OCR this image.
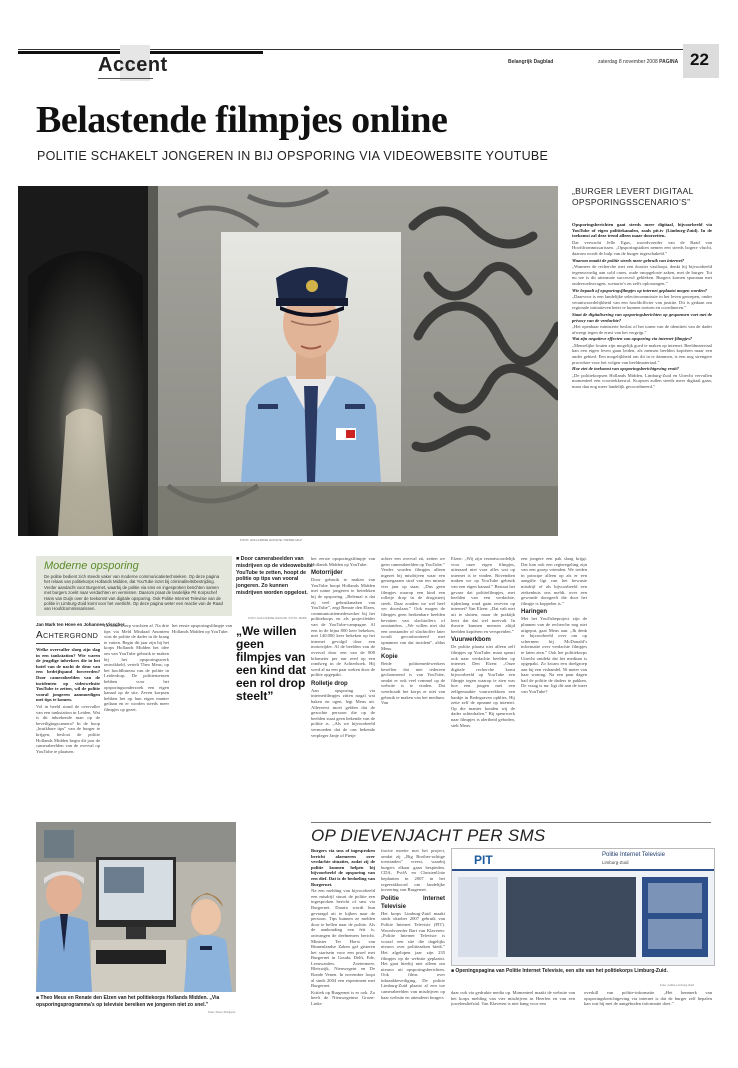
Accent	Belangrijk Dagblad	zaterdag 8 november 2008 PAGINA 22
Belastende filmpjes online
POLITIE SCHAKELT JONGEREN IN BIJ OPSPORING VIA VIDEOWEBSITE YOUTUBE
FOTO: HOLLANDSE HOOGTE / PETER HILZ
„BURGER LEVERT DIGITAAL OPSPORINGSSCENARIO’S”

Opsporingsberichten gaat steeds meer digitaal, bijvoorbeeld via YouTube of eigen politiekanalen, zoals pit.tv (Limburg-Zuid). In de toekomst zal deze trend alleen maar doorzetten.

Dat verwacht Jelle Egas, woordvoerder van de Raad van Hoofdcommissarissen. „Opsporingstaken nemen een steeds hogere vlucht, daarom wordt de hulp van de burger ingeschakeld.”

Waarom maakt de politie steeds meer gebruik van internet?

„Wanneer de recherche met een dossier vastloopt, denkt hij bijvoorbeeld tegenwoordig aan cold cases, oude onopgeloste zaken, met de burger. Tot nu toe is dit uitermate succesvol gebleken. Burgers komen spontaan met onderzoeksvragen, scenario’s en zelfs oplossingen.”

Wie bepaalt of opsporingsfilmpjes op internet geplaatst mogen worden?

„Daarvoor is een landelijke selectiecommissie in het leven geroepen, onder verantwoordelijkheid van een hoofdofficier van justitie. Dit is gedaan om regionale initiatieven beter te kunnen toetsen en coordineren.”

Staat de digitalisering van opsporingsberichten op gespannen voet met de privacy van de verdachte?

„Het openbaar ministerie beslist of het tonen van de identiteit van de dader afweegt tegen de ernst van het vergrijp.”

Wat zijn negatieve effecten van opsporing via internet-filmpjes?

„Menselijke fouten zijn mogelijk goed te maken op internet. Beeldmateriaal kan een eigen leven gaan leiden, als mensen beelden kopiëren maar een ander gebied. Een mogelijkheid om dit in te dammen, is een nog strengere procedure voor het volgen van beeldmateriaal.”

Hoe ziet de toekomst van opsporingsberichtgeving eruit?

„De politiekorpsen Hollands Midden, Limburg-Zuid en Utrecht vervullen momenteel een voortrekkersrol. Korpsen zullen steeds meer digitaal gaan, maar dan nog meer landelijk gecoordineerd.”

Moderne opsporing
De politie bedient zich steeds vaker van moderne communicatietechnieken. Op deze pagina het relaas van politiekorps Hollands Midden, dat YouTube inzet bij criminaliteitsbestrijding. Verder aandacht voor Burgernet, waarbij de politie via sms en ingesproken berichten samen met burgers zoekt naar verdachten en vermisten. Daarom praat de landelijke Pit Korpschef Hans van Duijn over de toekomst van digitale opsporing. Ook Politie Internet Televisie van de politie in Limburg-Zuid komt voor het voetlicht. Op deze pagina weter een reactie van de Raad van Hoofdcommissarissen.
■ Door camerabeelden van misdrijven op de videowebsite YouTube te zetten, hoopt de politie op tips van vooral jongeren. Zo kunnen misdrijven worden opgelost.
FOTO: HOLLANDSE HOOGTE / FOTO: MARK
Jan Mark ten Hove en Johannes Visscher
Achtergrond

Welke overvaller sloeg zijn slag in een tankstation? Wie waren de jeugdige inbrekers die in het hotel van de nacht de deur van een bedrijfspand forceerden? Door camerabeelden van de incidenten op videowebsite YouTube te zetten, wil de politie vooral jongeren aanmoedigen met tips te komen.

Vol in beeld stond de overvaller van een tankstation in Leiden. Wat is dit inbrekende man op de beveiligingscamera? In de hoop „bruikbare tips” van de burger te krijgen, besloot de politie Hollands Midden begin dit jaar de camerabeelden van de overval op YouTube te plaatsen.

De actie wierp vruchten af. Na drie tips via Meld Misdaad Anoniem wist de politie de dader in de kraag te vatten. Begin dit jaar zijn bij het korps Hollands Midden het idee om van YouTube gebruik te maken bij het opsporingswerk ontwikkeld, vertelt Theo Meus, op het hoofdbureau van de politie in Leiderdorp. De politiemensen hebben voor het opsporingsonderzoek een eigen kanaal op de site. Zeven korpsen hebben het op hun eigen manier gedaan en er worden steeds meer filmpjes op gezet.

„We willen geen filmpjes van een kind dat een rol drop steelt”

het eerste opsporingsfilmpje van Hollands Midden op YouTube.

het eerste opsporingsfilmpje van Hollands Midden op YouTube.

Motorrijder

Door gebruik te maken van YouTube hoopt Hollands Midden met name jongeren te betrekken bij de opsporing. „Belemal is dat zij veel gebruikmaken van YouTube”, zegt Renate den Elzen, communicatiemedewerker bij het politiekorps en als projectleider van de YouTube-campagne. Al een in de bijna 800 keer bekeken, met 140.000 keer bekeken op het internet gevolgd door een motorrijder. Al de beelden van de overval door een van de 800 kilometer per uur reed op een rondweg in de Achterhoek. Hij werd al na een paar weken door de politie opgepakt.

Rolletje drop

Aan opsporing via internetfilmpjes zitten nogal wat haken en ogen, legt Meus uit. Allereerst moet gelden dat de gezochte persoon die op de beelden staat geen bekende van de politie is. „Als we bijvoorbeeld vermoeden dat de ons bekende verpleger Janje of Pietje

achter een overval zit, zetten we geen camerabeelden op YouTube.” Verder worden filmpjes alleen ingezet bij misdrijven waar een genoegzaam straf van ten minste vier jaar op staat. „Dus geen filmpjes waarop een kind een rolletje drop in de drogisterij steelt. Daar zouden we wel heel ver doorslaan.” Ook mogen de filmpjes geen herkenbare beelden bevatten van slachtoffers of omstanders. „We willen niet dat een omstander of slachtoffer later wordt geconfronteerd met opnamen van dat incident”, aldus Meus.

Kopie

Beide politiemedewerkers beseffen dat niet iedereen gecharmeerd is van YouTube, omdat er ook veel rommel op de website is te vinden. Dat weerhoudt het korps er niet van gebruik te maken van het medium. Van

Elzen: „Wij zijn verantwoordelijk voor onze eigen filmpjes, uiteraard niet voor alles wat op internet is te vinden. Bovendien maken we op YouTube gebruik van een eigen kanaal.” Bestaat het gevaar dat politiefilmpjes, met beelden van een verdachte, tijdenlang rond gaan zweven op internet? Van Elzen: „Dat valt niet uit te sluiten, maar de praktijk leert dat dat wel meevalt. In theorie kunnen mensen altijd beelden kopiëren en verspreiden.”

Vuurwerkbom

De politie plaatst niet alleen zelf filmpjes op YouTube, maar speurt ook naar verdachte beelden op internet. Den Elzen: „Onze digitale recherche komt bijvoorbeeld op YouTube een filmpje tegen waarop te zien was hoe een jongen met een zelfgemaakte vuurwerkbom een bankje in Bodegraven opblies. Hij zette zelf de opname op internet. Op die manier konden wij de dader achterhalen.” Bij speurwerk naar filmpjes is alertheid geboden, stelt Meus.

een jongere een pak slaag krijgt. Dat kan ook een regieregeling zijn van een groep vrienden. We treden in principe alleen op als er een aangifte ligt van het bewuste misdrijf of als bijvoorbeeld een ziekenhuis ons meldt, over een gewonde doorgeeft die door het filmpje is koppelen is.”

Haringen

Met het YouTubeproject zijn de plannen van de recherche nog niet uitgeput, gaat Meus aan. „Ik denk er bijvoorbeeld over om op schermen bij McDonald’s informatie over verdachte filmpjes te laten zien.” Ook het politiekorps Utrecht ontdekt dat het medium is opgepakt. Zo kwam een doelgroep aan bij een vishandel, 56 meter van haar woning. Na een paar dagen had de politie de daders te pakken. De vraag is nu: ligt dit aan de inzet van YouTube?

■ Theo Meus en Renate den Elzen van het politiekorps Hollands Midden. „Via opsporingsprogramma’s op televisie bereiken we jongeren niet zo snel.”
Foto: Peter Schipper
OP DIEVENJACHT PER SMS

Burgers via sms of ingesproken bericht alarmeren over verdachte situaties, zodat zij de politie kunnen helpen bij bijvoorbeeld de opsporing van een dief. Dat is de bedoeling van Burgernet.

Na een melding van bijvoorbeeld een misdrijf stuurt de politie een ingesproken bericht of sms via Burgernet. Daarin wordt hun gevraagd uit te kijken naar de persoon. Tips kunnen ze melden door te bellen naar de politie. Als de aanhouding een feit is, ontvangen de deelnemers bericht. Minister Ter Horst van Binnenlandse Zaken gaf gisteren het startsein voor een proef met Burgernet in Gouda, Delft, Ede, Leeuwarden, Zoetermeer, Bleiswijk, Nieuwegein en De Ronde Venen. In november loopt al sinds 2004 een experiment met Burgernet.

Kritiek op Burgernet is er ook. Zo heeft de Nieuwegeinse Groen-Links-

fractie moeite met het project, omdat zij „Big Brother-achtige toestanden” vreest, waarbij burgers elkaar gaan bespieden. CDA, PvdA en ChristenUnie beplanten in 2007 in het regeerakkoord om landelijke invoering van Burgernet.

Politie Internet Televisie

Het korps Limburg-Zuid maakt sinds oktober 2007 gebruik van Politie Internet Televisie (PIT). Woordvoerder Bart van Klaveren: „Politie Internet Televisie is vooral een site die dagelijks nieuws over politiezaken biedt.” Het afgelopen jaar zijn 235 filmpjes op de website geplaatst. Het gaat hierbij niet alleen om nieuws uit opsporingsberichten. Ook films over inbraakbeveiliging. De politie Limburg-Zuid plaatst al een toe camerabeelden van misdrijven op haar website en attendeert burgers

PIT	Politie Internet Televisie
Limburg-Zuid
■ Openingspagina van Politie Internet Televisie, een site van het politiekorps Limburg-Zuid.
Foto: politie Limburg-Zuid

daar ook via gedrukte media op. Momenteel maakt de website van het korps melding van vier misdrijven in Heerlen en van een juwelendiefstal. Van Klaveren is niet bang voor een

overkill van politie-informatie. „Het kenmerk van opsporingsberichtgeving via internet is dat de burger zelf bepalen kan wat hij met de aangeboden informatie doet.”
